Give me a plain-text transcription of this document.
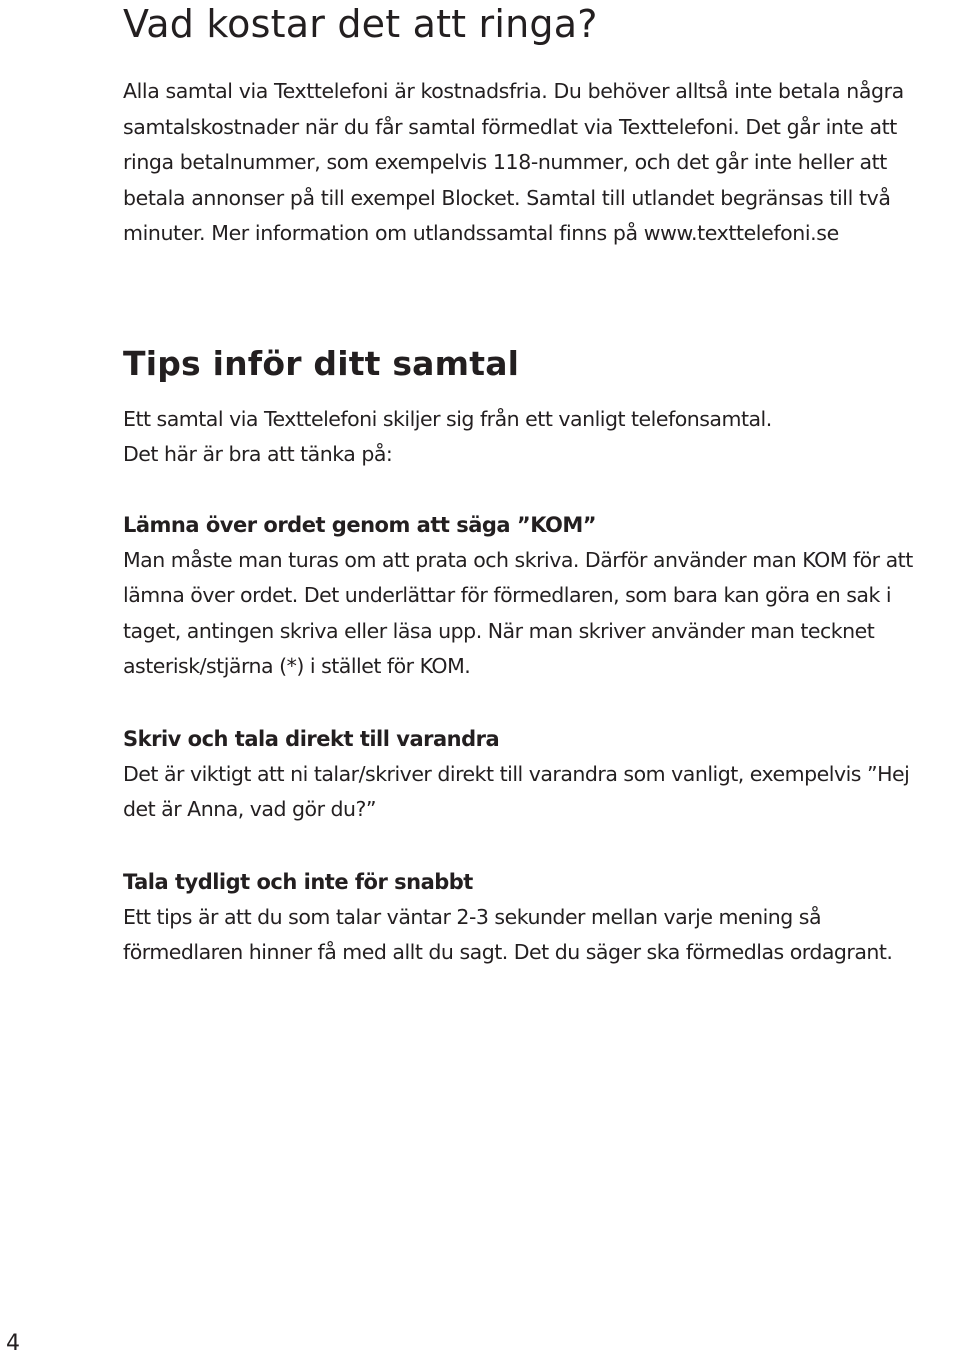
Vad kostar det att ringa?

Alla samtal via Texttelefoni är kostnadsfria. Du behöver alltså inte betala några samtalskostnader när du får samtal förmedlat via Texttelefoni. Det går inte att ringa betalnummer, som exempelvis 118-nummer, och det går inte heller att betala annonser på till exempel Blocket. Samtal till utlandet begränsas till två minuter. Mer information om utlandssamtal finns på www.texttelefoni.se

Tips inför ditt samtal

Ett samtal via Texttelefoni skiljer sig från ett vanligt telefonsamtal.
Det här är bra att tänka på:

Lämna över ordet genom att säga ”KOM”

Man måste man turas om att prata och skriva. Därför använder man KOM för att lämna över ordet. Det underlättar för förmedlaren, som bara kan göra en sak i taget, antingen skriva eller läsa upp. När man skriver använder man tecknet asterisk/stjärna (*) i stället för KOM.

Skriv och tala direkt till varandra

Det är viktigt att ni talar/skriver direkt till varandra som vanligt, exempelvis ”Hej det är Anna, vad gör du?”

Tala tydligt och inte för snabbt

Ett tips är att du som talar väntar 2-3 sekunder mellan varje mening så förmedlaren hinner få med allt du sagt. Det du säger ska förmedlas ordagrant.

4
